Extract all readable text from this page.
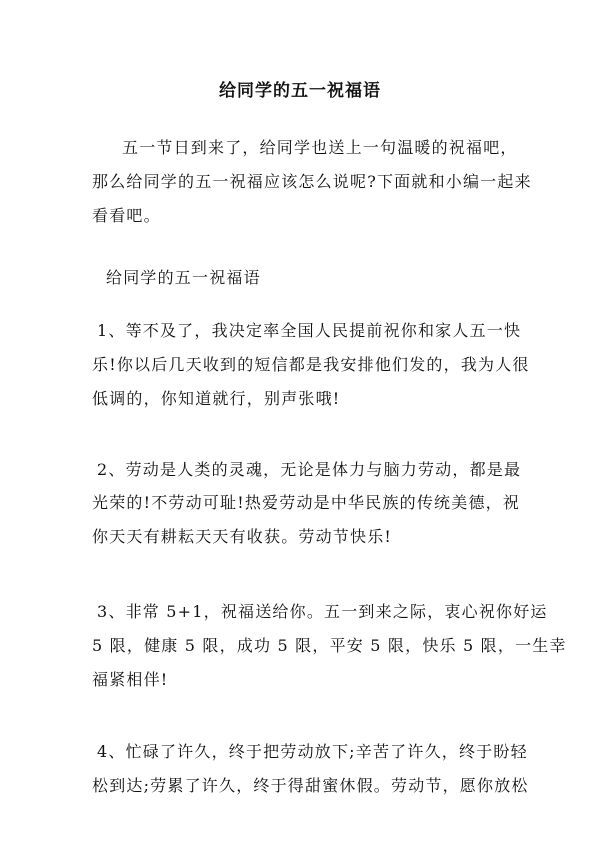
给同学的五一祝福语
五一节日到来了，给同学也送上一句温暖的祝福吧，
那么给同学的五一祝福应该怎么说呢?下面就和小编一起来
看看吧。
给同学的五一祝福语
1、等不及了，我决定率全国人民提前祝你和家人五一快
乐!你以后几天收到的短信都是我安排他们发的，我为人很
低调的，你知道就行，别声张哦!
2、劳动是人类的灵魂，无论是体力与脑力劳动，都是最
光荣的!不劳动可耻!热爱劳动是中华民族的传统美德，祝
你天天有耕耘天天有收获。劳动节快乐!
3、非常 5+1，祝福送给你。五一到来之际，衷心祝你好运
5 限，健康 5 限，成功 5 限，平安 5 限，快乐 5 限，一生幸
福紧相伴!
4、忙碌了许久，终于把劳动放下;辛苦了许久，终于盼轻
松到达;劳累了许久，终于得甜蜜休假。劳动节，愿你放松
